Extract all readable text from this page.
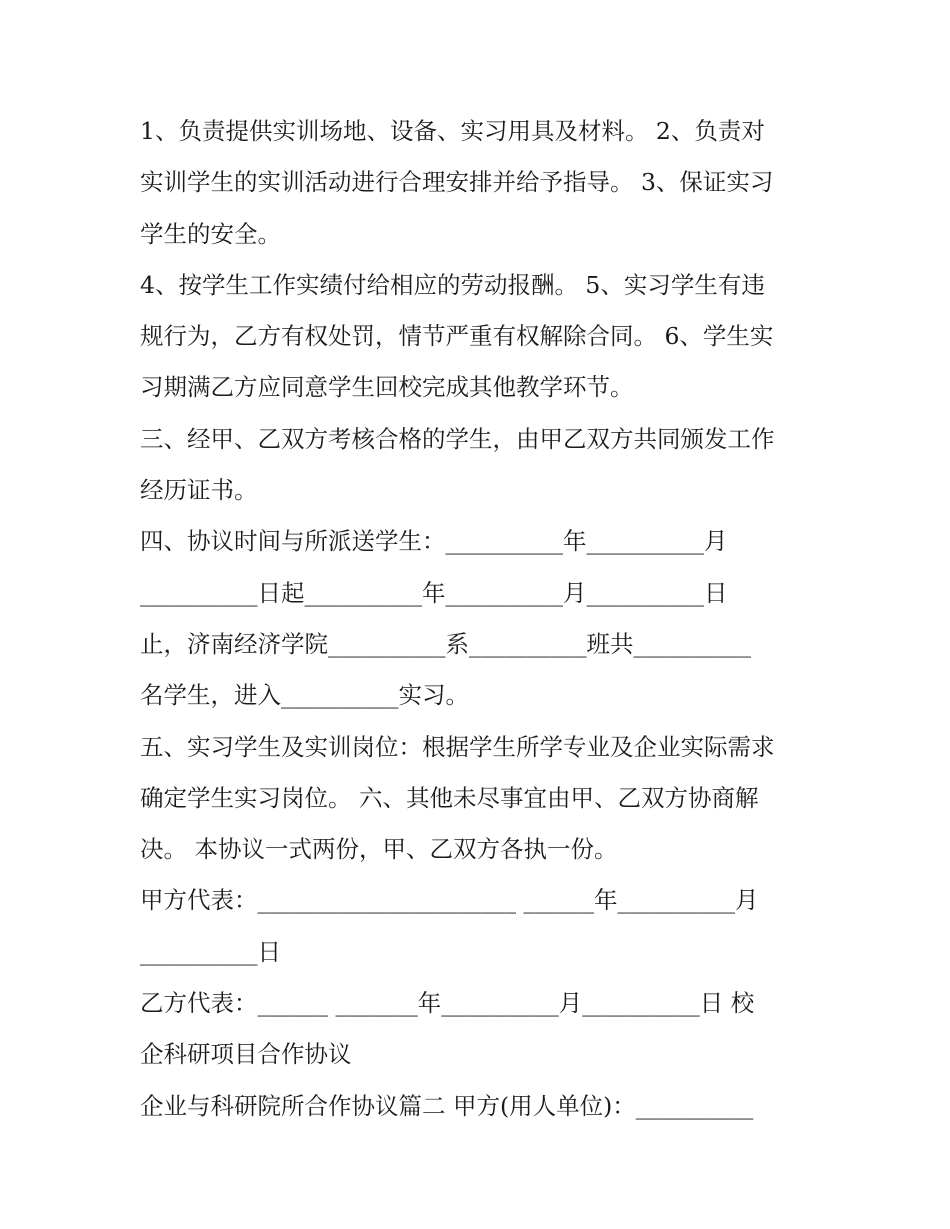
1、负责提供实训场地、设备、实习用具及材料。 2、负责对
实训学生的实训活动进行合理安排并给予指导。 3、保证实习
学生的安全。
4、按学生工作实绩付给相应的劳动报酬。 5、实习学生有违
规行为，乙方有权处罚，情节严重有权解除合同。 6、学生实
习期满乙方应同意学生回校完成其他教学环节。
三、经甲、乙双方考核合格的学生，由甲乙双方共同颁发工作
经历证书。
四、协议时间与所派送学生：__________年__________月
__________日起__________年__________月__________日
止，济南经济学院__________系__________班共__________
名学生，进入__________实习。
五、实习学生及实训岗位：根据学生所学专业及企业实际需求
确定学生实习岗位。 六、其他未尽事宜由甲、乙双方协商解
决。 本协议一式两份，甲、乙双方各执一份。
甲方代表：______________________ ______年__________月
__________日
乙方代表：______ _______年__________月__________日 校
企科研项目合作协议
企业与科研院所合作协议篇二 甲方(用人单位)：__________
